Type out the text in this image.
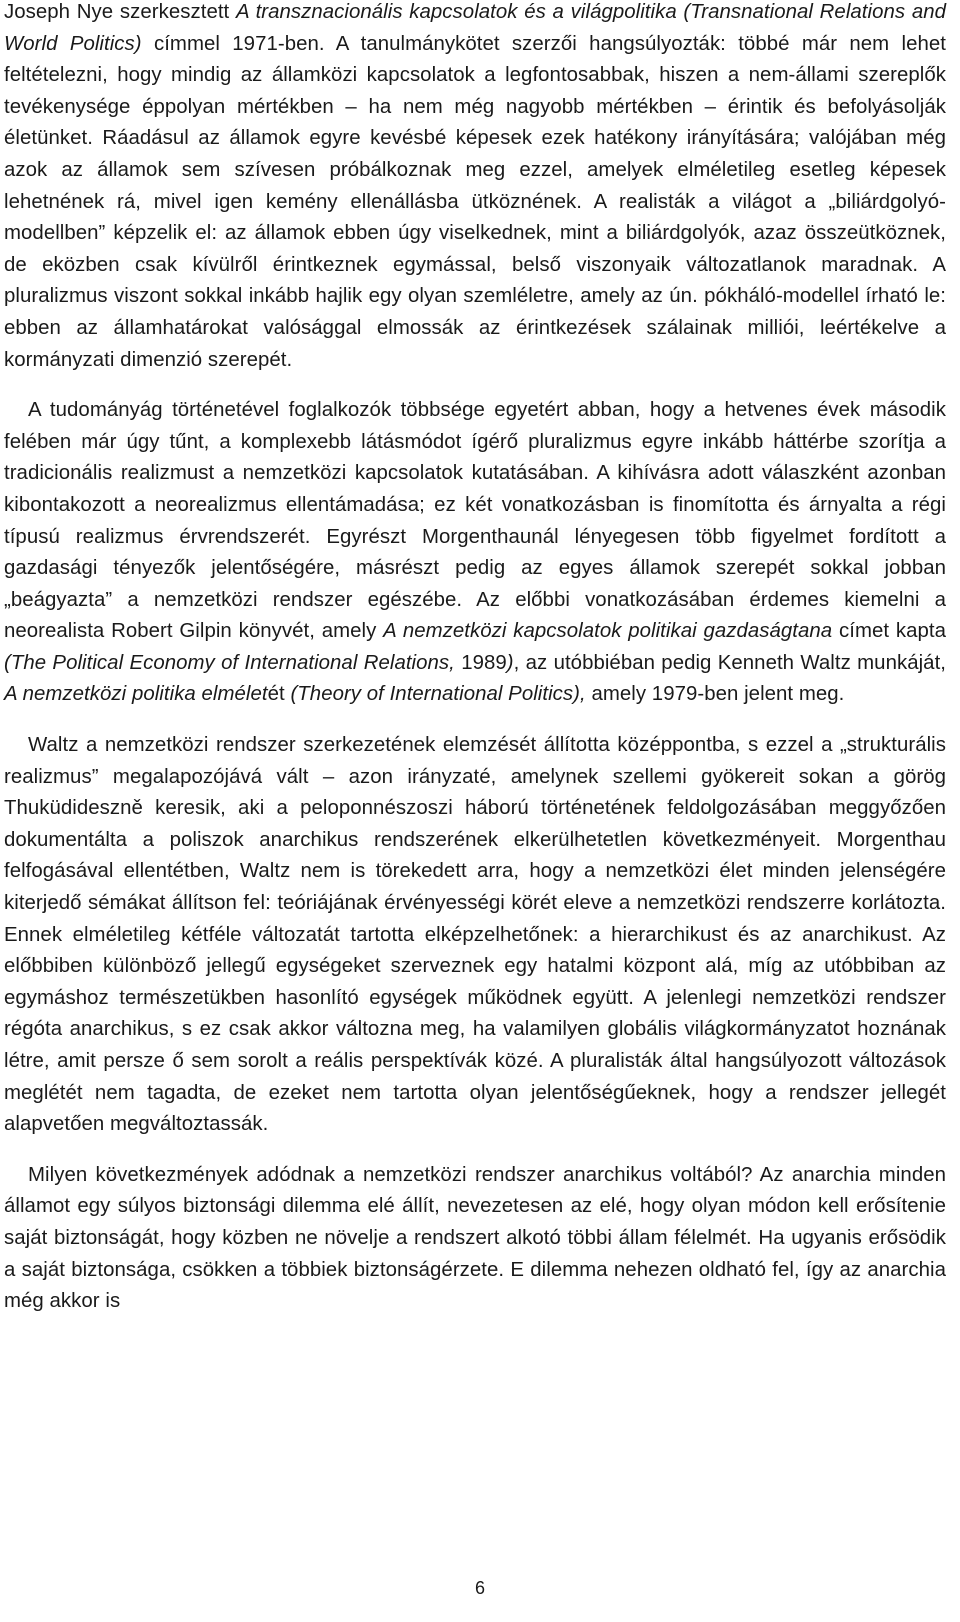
Joseph Nye szerkesztett A transznacionális kapcsolatok és a világpolitika (Transnational Relations and World Politics) címmel 1971-ben. A tanulmánykötet szerzői hangsúlyozták: többé már nem lehet feltételezni, hogy mindig az államközi kapcsolatok a legfontosabbak, hiszen a nem-állami szereplők tevékenysége éppolyan mértékben – ha nem még nagyobb mértékben – érintik és befolyásolják életünket. Ráadásul az államok egyre kevésbé képesek ezek hatékony irányítására; valójában még azok az államok sem szívesen próbálkoznak meg ezzel, amelyek elméletileg esetleg képesek lehetnének rá, mivel igen kemény ellenállásba ütköznének. A realisták a világot a „biliárdgolyó-modellben” képzelik el: az államok ebben úgy viselkednek, mint a biliárdgolyók, azaz összeütköznek, de eközben csak kívülről érintkeznek egymással, belső viszonyaik változatlanok maradnak. A pluralizmus viszont sokkal inkább hajlik egy olyan szemléletre, amely az ún. pókháló-modellel írható le: ebben az államhatárokat valósággal elmossák az érintkezések szálainak milliói, leértékelve a kormányzati dimenzió szerepét.

A tudományág történetével foglalkozók többsége egyetért abban, hogy a hetvenes évek második felében már úgy tűnt, a komplexebb látásmódot ígérő pluralizmus egyre inkább háttérbe szorítja a tradicionális realizmust a nemzetközi kapcsolatok kutatásában. A kihívásra adott válaszként azonban kibontakozott a neorealizmus ellentámadása; ez két vonatkozásban is finomította és árnyalta a régi típusú realizmus érvrendszerét. Egyrészt Morgenthaunál lényegesen több figyelmet fordított a gazdasági tényezők jelentőségére, másrészt pedig az egyes államok szerepét sokkal jobban „beágyazta” a nemzetközi rendszer egészébe. Az előbbi vonatkozásában érdemes kiemelni a neorealista Robert Gilpin könyvét, amely A nemzetközi kapcsolatok politikai gazdaságtana címet kapta (The Political Economy of International Relations, 1989), az utóbbiéban pedig Kenneth Waltz munkáját, A nemzetközi politika elméletét (Theory of International Politics), amely 1979-ben jelent meg.

Waltz a nemzetközi rendszer szerkezetének elemzését állította középpontba, s ezzel a „strukturális realizmus” megalapozójává vált – azon irányzaté, amelynek szellemi gyökereit sokan a görög Thuküdideszně keresik, aki a peloponnészoszi háború történetének feldolgozásában meggyőzően dokumentálta a poliszok anarchikus rendszerének elkerülhetetlen következményeit. Morgenthau felfogásával ellentétben, Waltz nem is törekedett arra, hogy a nemzetközi élet minden jelenségére kiterjedő sémákat állítson fel: teóriájának érvényességi körét eleve a nemzetközi rendszerre korlátozta. Ennek elméletileg kétféle változatát tartotta elképzelhetőnek: a hierarchikust és az anarchikust. Az előbbiben különböző jellegű egységeket szerveznek egy hatalmi központ alá, míg az utóbbiban az egymáshoz természetükben hasonlító egységek működnek együtt. A jelenlegi nemzetközi rendszer régóta anarchikus, s ez csak akkor változna meg, ha valamilyen globális világkormányzatot hoznának létre, amit persze ő sem sorolt a reális perspektívák közé. A pluralisták által hangsúlyozott változások meglétét nem tagadta, de ezeket nem tartotta olyan jelentőségűeknek, hogy a rendszer jellegét alapvetően megváltoztassák.

Milyen következmények adódnak a nemzetközi rendszer anarchikus voltából? Az anarchia minden államot egy súlyos biztonsági dilemma elé állít, nevezetesen az elé, hogy olyan módon kell erősítenie saját biztonságát, hogy közben ne növelje a rendszert alkotó többi állam félelmét. Ha ugyanis erősödik a saját biztonsága, csökken a többiek biztonságérzete. E dilemma nehezen oldható fel, így az anarchia még akkor is

6
